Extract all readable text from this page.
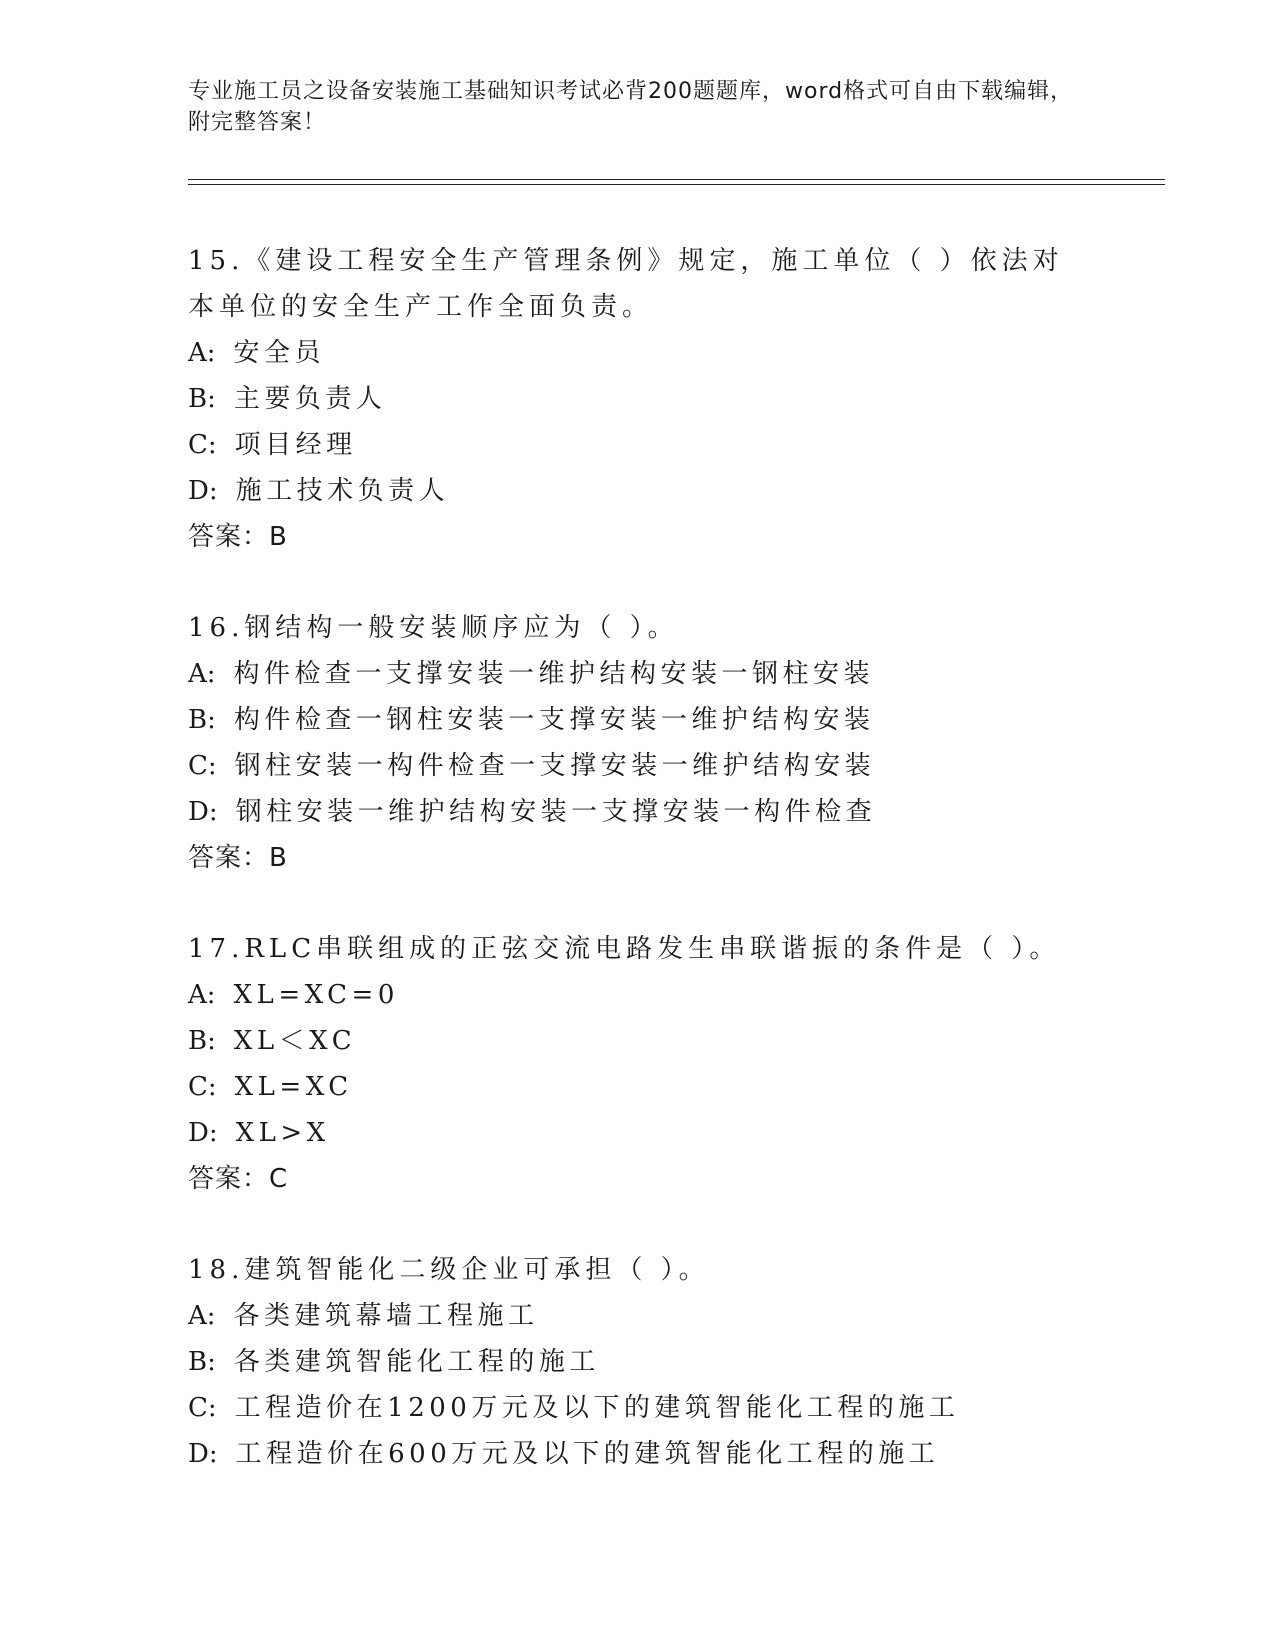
专业施工员之设备安装施工基础知识考试必背200题题库，word格式可自由下载编辑，附完整答案！

15.《建设工程安全生产管理条例》规定，施工单位（ ）依法对本单位的安全生产工作全面负责。

A: 安全员

B: 主要负责人

C: 项目经理

D: 施工技术负责人

答案：B

16.钢结构一般安装顺序应为（ ）。

A: 构件检查一支撑安装一维护结构安装一钢柱安装

B: 构件检查一钢柱安装一支撑安装一维护结构安装

C: 钢柱安装一构件检查一支撑安装一维护结构安装

D: 钢柱安装一维护结构安装一支撑安装一构件检查

答案：B

17.RLC串联组成的正弦交流电路发生串联谐振的条件是（ ）。

A: XL=XC=0

B: XL＜XC

C: XL=XC

D: XL>X

答案：C

18.建筑智能化二级企业可承担（ ）。

A: 各类建筑幕墙工程施工

B: 各类建筑智能化工程的施工

C: 工程造价在1200万元及以下的建筑智能化工程的施工

D: 工程造价在600万元及以下的建筑智能化工程的施工
